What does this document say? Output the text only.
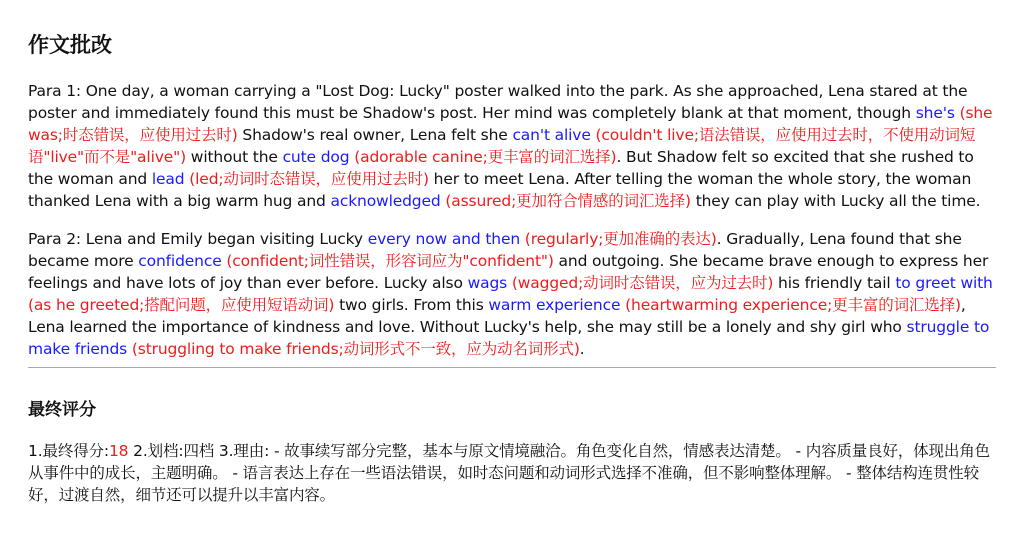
作文批改

Para 1: One day, a woman carrying a "Lost Dog: Lucky" poster walked into the park. As she approached, Lena stared at the poster and immediately found this must be Shadow's post. Her mind was completely blank at that moment, though she's (she was;时态错误，应使用过去时) Shadow's real owner, Lena felt she can't alive (couldn't live;语法错误，应使用过去时，不使用动词短语"live"而不是"alive") without the cute dog (adorable canine;更丰富的词汇选择). But Shadow felt so excited that she rushed to the woman and lead (led;动词时态错误，应使用过去时) her to meet Lena. After telling the woman the whole story, the woman thanked Lena with a big warm hug and acknowledged (assured;更加符合情感的词汇选择) they can play with Lucky all the time.

Para 2: Lena and Emily began visiting Lucky every now and then (regularly;更加准确的表达). Gradually, Lena found that she became more confidence (confident;词性错误，形容词应为"confident") and outgoing. She became brave enough to express her feelings and have lots of joy than ever before. Lucky also wags (wagged;动词时态错误，应为过去时) his friendly tail to greet with (as he greeted;搭配问题，应使用短语动词) two girls. From this warm experience (heartwarming experience;更丰富的词汇选择), Lena learned the importance of kindness and love. Without Lucky's help, she may still be a lonely and shy girl who struggle to make friends (struggling to make friends;动词形式不一致，应为动名词形式).

最终评分

1.最终得分:18 2.划档:四档 3.理由: - 故事续写部分完整，基本与原文情境融洽。角色变化自然，情感表达清楚。 - 内容质量良好，体现出角色从事件中的成长，主题明确。 - 语言表达上存在一些语法错误，如时态问题和动词形式选择不准确，但不影响整体理解。 - 整体结构连贯性较好，过渡自然，细节还可以提升以丰富内容。
